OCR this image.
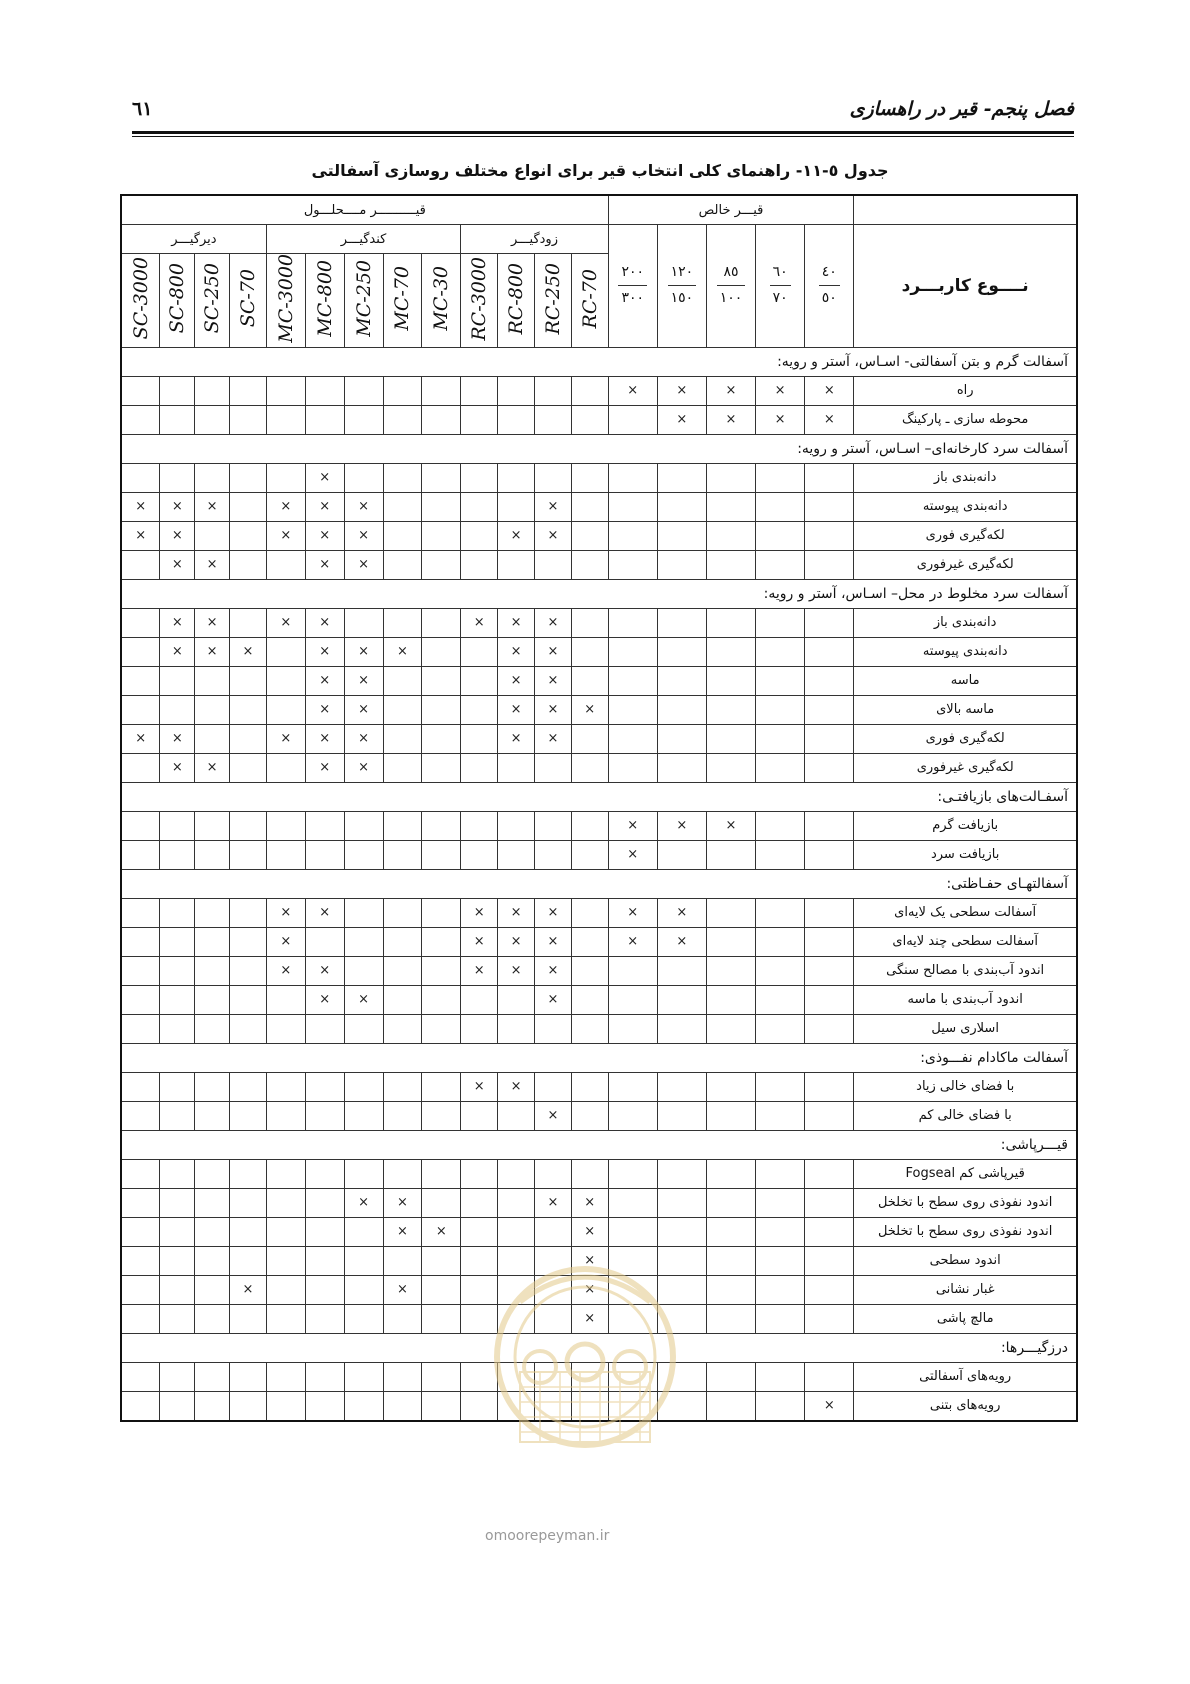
فصل پنجم- قیر در راهسازی
٦١
جدول ٥-١١- راهنمای کلی انتخاب قیر برای انواع مختلف روسازی آسفالتی
قیــــــــــر مــــحلـــول													قیـــر خالص					
دیرگیـــر				کندگیـــر					زودگیـــر				$\frac{٢٠٠}{٣٠٠}$	$\frac{١٢٠}{١٥٠}$	$\frac{٨٥}{١٠٠}$	$\frac{٦٠}{٧٠}$	$\frac{٤٠}{٥٠}$	نــــوع کاربـــرد
SC-3000	SC-800	SC-250	SC-70	MC-3000	MC-800	MC-250	MC-70	MC-30	RC-3000	RC-800	RC-250	RC-70						
آسفالت گرم و بتن آسفالتی- اسـاس، آستر و رویه:																		
													×	×	×	×	×	راه
														×	×	×	×	محوطه سازی ـ پارکینگ
آسفالت سرد کارخانه‌ای– اسـاس، آستر و رویه:																		
					×													دانه‌بندی باز
×	×	×		×	×	×					×							دانه‌بندی پیوسته
×	×			×	×	×				×	×							لکه‌گیری فوری
	×	×			×	×												لکه‌گیری غیرفوری
آسفالت سرد مخلوط در محل– اسـاس، آستر و رویه:																		
	×	×		×	×				×	×	×							دانه‌بندی باز
	×	×	×		×	×	×			×	×							دانه‌بندی پیوسته
					×	×				×	×							ماسه
					×	×				×	×	×						ماسه بالای
×	×			×	×	×				×	×							لکه‌گیری فوری
	×	×			×	×												لکه‌گیری غیرفوری
آسفـالت‌های بازیافتـی:																		
													×	×	×			بازیافت گرم
													×					بازیافت سرد
آسفالتهـای حفـاظتی:																		
				×	×				×	×	×		×	×				آسفالت سطحی یک لایه‌ای
				×					×	×	×		×	×				آسفالت سطحی چند لایه‌ای
				×	×				×	×	×							اندود آب‌بندی با مصالح سنگی
					×	×					×							اندود آب‌بندی با ماسه
																		اسلاری سیل
آسفالت ماکادام نفـــوذی:																		
									×	×								با فضای خالی زیاد
											×							با فضای خالی کم
قیـــرپاشی:																		
																		قیرپاشی کم Fogseal
						×	×				×	×						اندود نفوذی روی سطح با تخلخل
							×	×				×						اندود نفوذی روی سطح با تخلخل
												×						اندود سطحی
			×				×					×						غبار نشانی
												×						مالچ پاشی
درزگیـــرها:																		
																		رویه‌های آسفالتی
																	×	رویه‌های بتنی
omoorepeyman.ir
